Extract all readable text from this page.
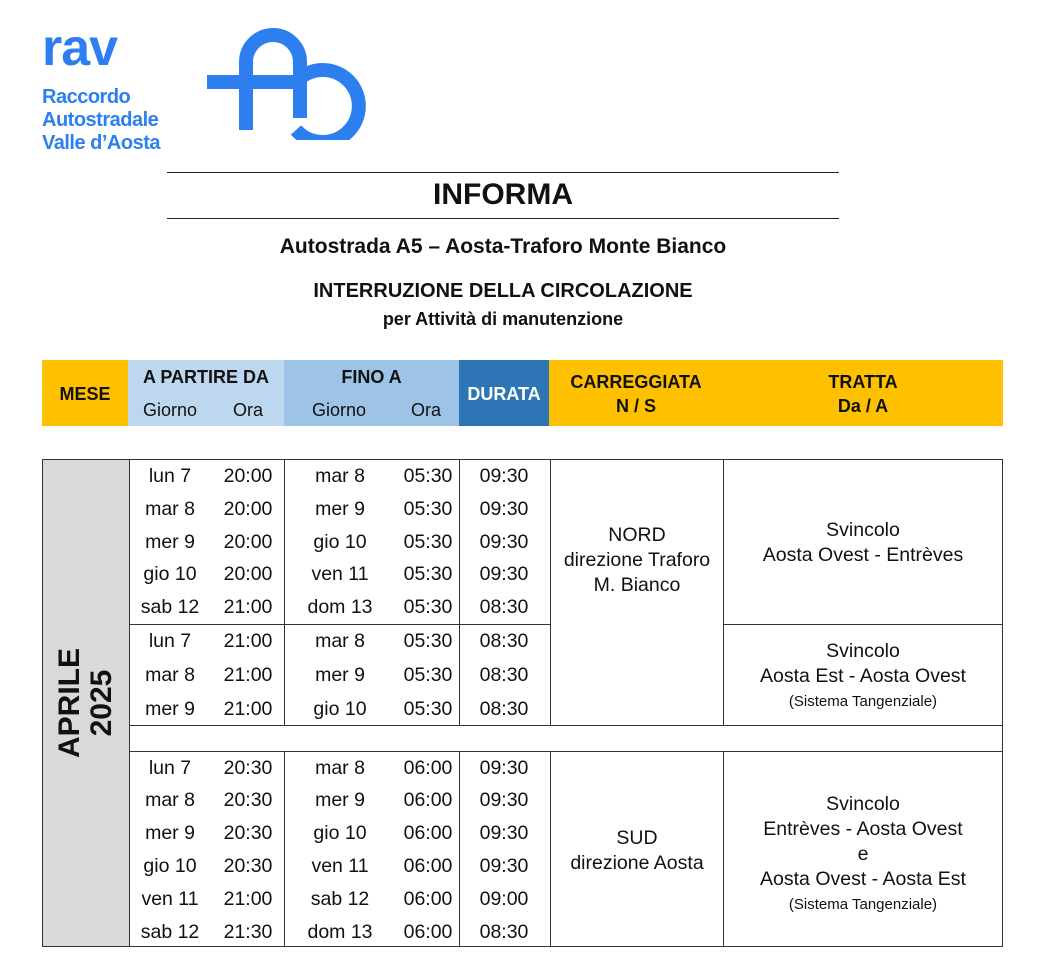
rav
Raccordo
Autostradale
Valle d’Aosta
INFORMA
Autostrada A5 – Aosta-Traforo Monte Bianco
INTERRUZIONE DELLA CIRCOLAZIONE
per Attività di manutenzione
MESE
A PARTIRE DA
Giorno	Ora
FINO A
Giorno	Ora
DURATA
CARREGGIATA
N / S
TRATTA
Da / A
APRILE 2025
NORD
direzione Traforo
M. Bianco
SUD
direzione Aosta
Svincolo
Aosta Ovest - Entrèves
Svincolo
Aosta Est - Aosta Ovest
(Sistema Tangenziale)
Svincolo
Entrèves - Aosta Ovest
e
Aosta Ovest - Aosta Est
(Sistema Tangenziale)
lun 7 20:00 mar 8 05:30 09:30
mar 8 20:00 mer 9 05:30 09:30
mer 9 20:00 gio 10 05:30 09:30
gio 10 20:00 ven 11 05:30 09:30
sab 12 21:00 dom 13 05:30 08:30
lun 7 21:00 mar 8 05:30 08:30
mar 8 21:00 mer 9 05:30 08:30
mer 9 21:00 gio 10 05:30 08:30
lun 7 20:30 mar 8 06:00 09:30
mar 8 20:30 mer 9 06:00 09:30
mer 9 20:30 gio 10 06:00 09:30
gio 10 20:30 ven 11 06:00 09:30
ven 11 21:00 sab 12 06:00 09:00
sab 12 21:30 dom 13 06:00 08:30
